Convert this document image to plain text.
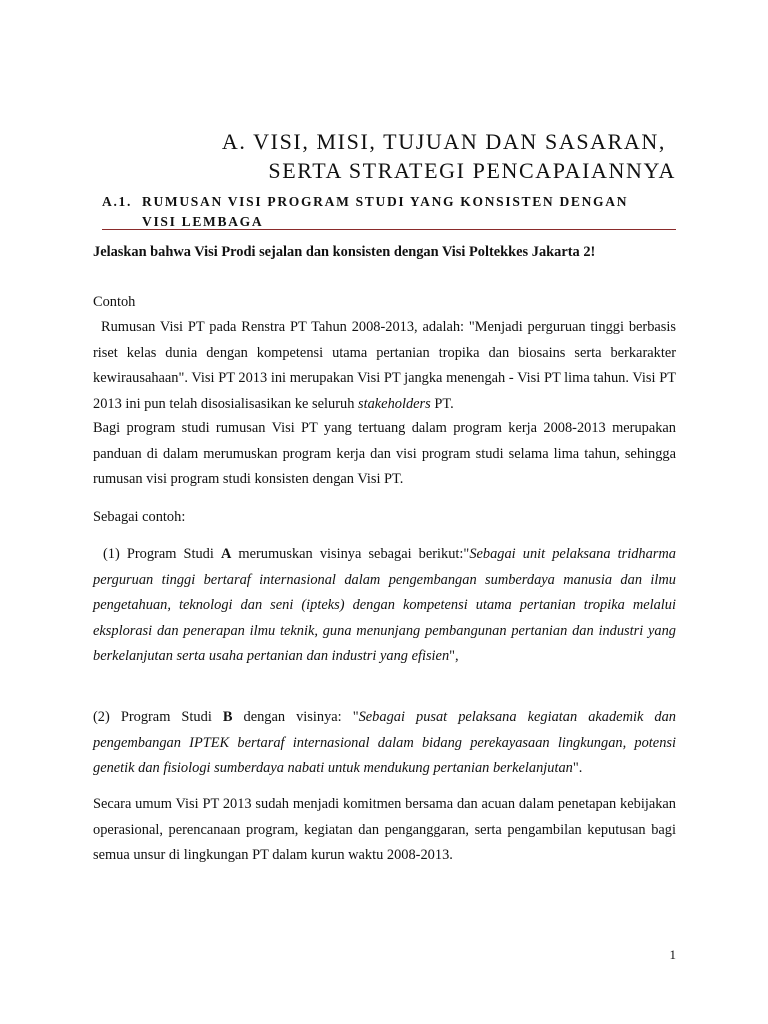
A. VISI, MISI, TUJUAN DAN SASARAN,
SERTA STRATEGI PENCAPAIANNYA
A.1. RUMUSAN VISI PROGRAM STUDI YANG KONSISTEN DENGAN
VISI LEMBAGA
Jelaskan bahwa Visi Prodi sejalan dan konsisten dengan Visi Poltekkes Jakarta 2!
Contoh
Rumusan Visi PT pada Renstra PT Tahun 2008-2013, adalah: "Menjadi perguruan tinggi berbasis riset kelas dunia dengan kompetensi utama pertanian tropika dan biosains serta berkarakter kewirausahaan". Visi PT 2013 ini merupakan Visi PT jangka menengah - Visi PT lima tahun. Visi PT 2013 ini pun telah disosialisasikan ke seluruh stakeholders PT.
Bagi program studi rumusan Visi PT yang tertuang dalam program kerja 2008-2013 merupakan panduan di dalam merumuskan program kerja dan visi program studi selama lima tahun, sehingga rumusan visi program studi konsisten dengan Visi PT.
Sebagai contoh:
(1) Program Studi A merumuskan visinya sebagai berikut:"Sebagai unit pelaksana tridharma perguruan tinggi bertaraf internasional dalam pengembangan sumberdaya manusia dan ilmu pengetahuan, teknologi dan seni (ipteks) dengan kompetensi utama pertanian tropika melalui eksplorasi dan penerapan ilmu teknik, guna menunjang pembangunan pertanian dan industri yang berkelanjutan serta usaha pertanian dan industri yang efisien",
(2) Program Studi B dengan visinya: "Sebagai pusat pelaksana kegiatan akademik dan pengembangan IPTEK bertaraf internasional dalam bidang perekayasaan lingkungan, potensi genetik dan fisiologi sumberdaya nabati untuk mendukung pertanian berkelanjutan".
Secara umum Visi PT 2013 sudah menjadi komitmen bersama dan acuan dalam penetapan kebijakan operasional, perencanaan program, kegiatan dan penganggaran, serta pengambilan keputusan bagi semua unsur di lingkungan PT dalam kurun waktu 2008-2013.
1
